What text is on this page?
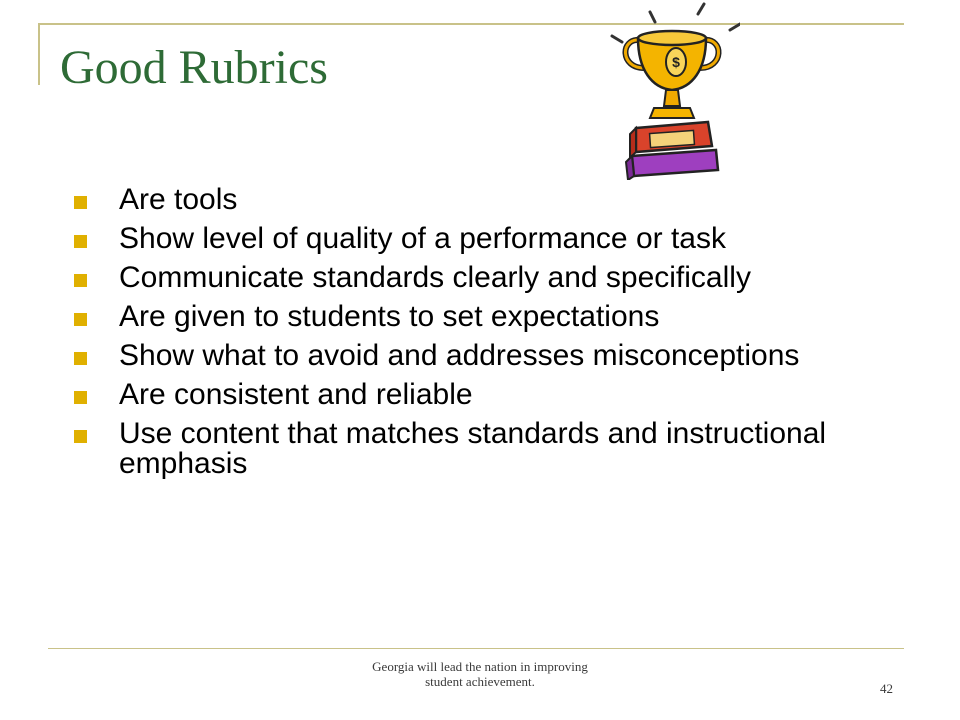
Good Rubrics	$
Are tools
Show level of quality of a performance or task
Communicate standards clearly and specifically
Are given to students to set expectations
Show what to avoid and addresses misconceptions
Are consistent and reliable
Use content that matches standards and instructional emphasis

Georgia will lead the nation in improving
student achievement.	42
